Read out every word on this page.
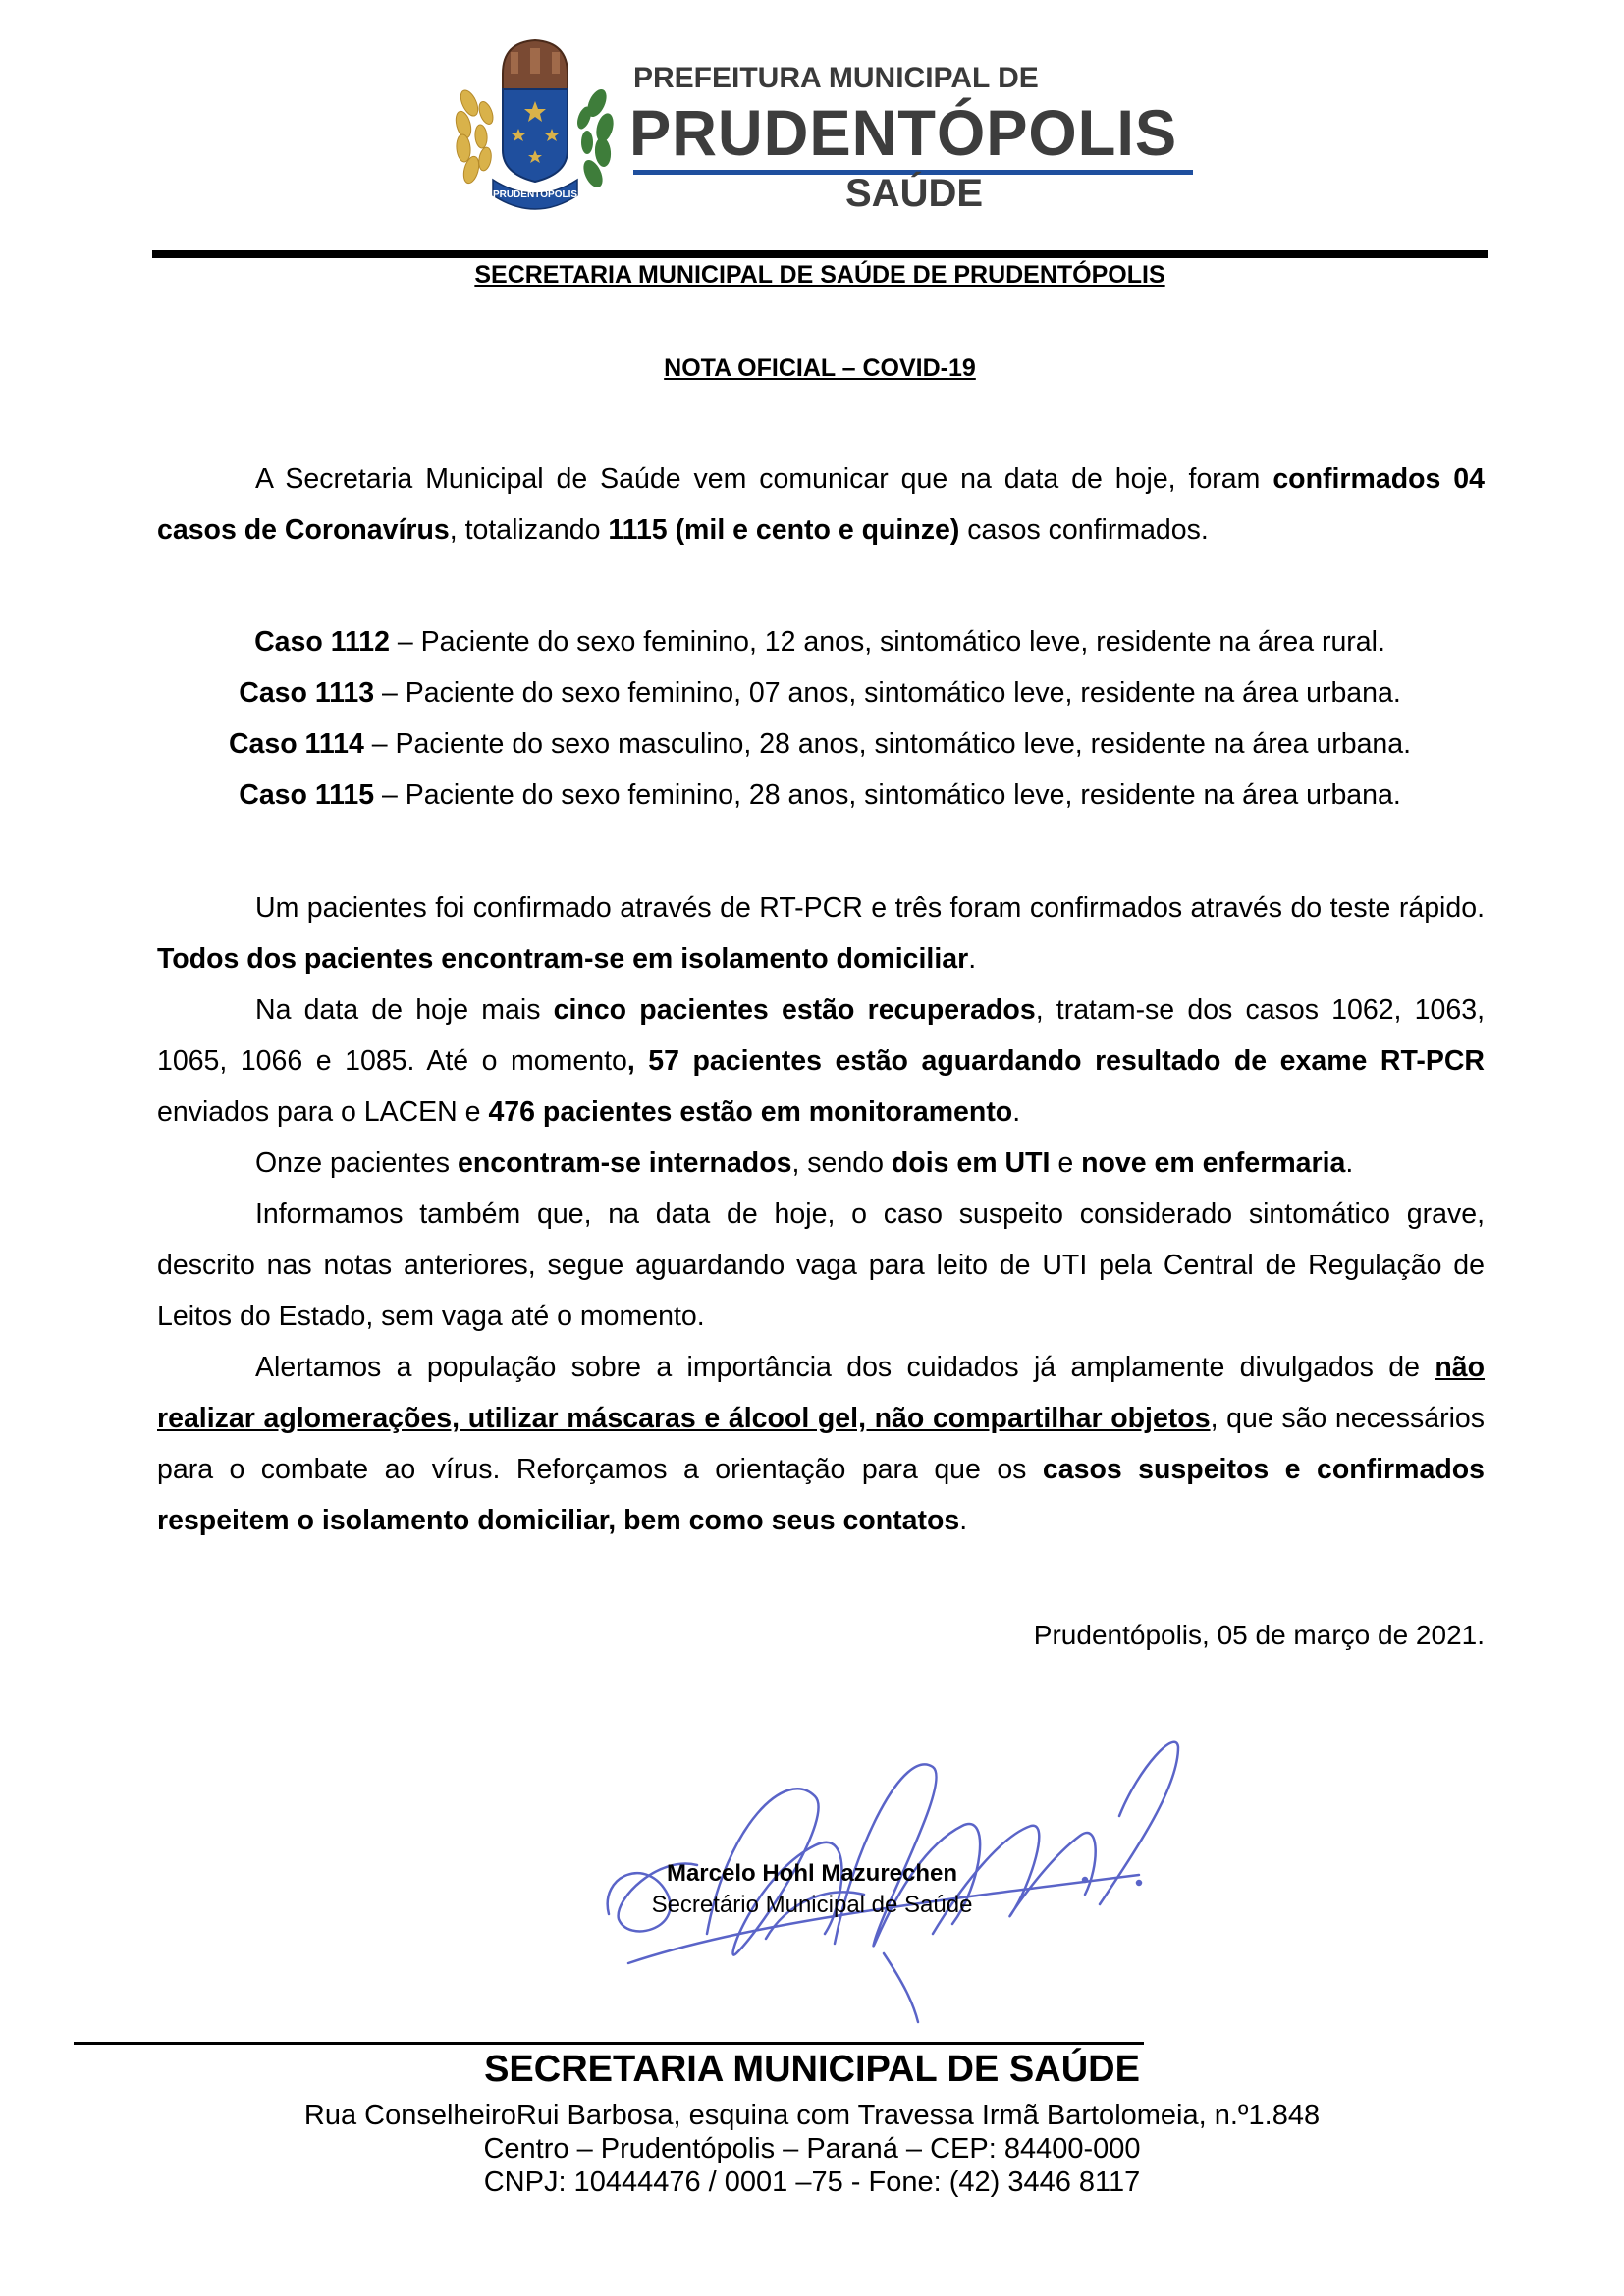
PRUDENTÓPOLIS
PREFEITURA MUNICIPAL DE
PRUDENTÓPOLIS
SAÚDE
SECRETARIA MUNICIPAL DE SAÚDE DE PRUDENTÓPOLIS
NOTA OFICIAL – COVID-19
A Secretaria Municipal de Saúde vem comunicar que na data de hoje, foram confirmados 04 casos de Coronavírus, totalizando 1115 (mil e cento e quinze) casos confirmados.
Caso 1112 – Paciente do sexo feminino, 12 anos, sintomático leve, residente na área rural.
Caso 1113 – Paciente do sexo feminino, 07 anos, sintomático leve, residente na área urbana.
Caso 1114 – Paciente do sexo masculino, 28 anos, sintomático leve, residente na área urbana.
Caso 1115 – Paciente do sexo feminino, 28 anos, sintomático leve, residente na área urbana.
Um pacientes foi confirmado através de RT-PCR e três foram confirmados através do teste rápido. Todos dos pacientes encontram-se em isolamento domiciliar.
Na data de hoje mais cinco pacientes estão recuperados, tratam-se dos casos 1062, 1063, 1065, 1066 e 1085. Até o momento, 57 pacientes estão aguardando resultado de exame RT-PCR enviados para o LACEN e 476 pacientes estão em monitoramento.
Onze pacientes encontram-se internados, sendo dois em UTI e nove em enfermaria.
Informamos também que, na data de hoje, o caso suspeito considerado sintomático grave, descrito nas notas anteriores, segue aguardando vaga para leito de UTI pela Central de Regulação de Leitos do Estado, sem vaga até o momento.
Alertamos a população sobre a importância dos cuidados já amplamente divulgados de não realizar aglomerações, utilizar máscaras e álcool gel, não compartilhar objetos, que são necessários para o combate ao vírus. Reforçamos a orientação para que os casos suspeitos e confirmados respeitem o isolamento domiciliar, bem como seus contatos.
Prudentópolis, 05 de março de 2021.
Marcelo Hohl Mazurechen
Secretário Municipal de Saúde
SECRETARIA MUNICIPAL DE SAÚDE
Rua ConselheiroRui Barbosa, esquina com Travessa Irmã Bartolomeia, n.º1.848
Centro – Prudentópolis – Paraná – CEP: 84400-000
CNPJ: 10444476 / 0001 –75 - Fone: (42) 3446 8117
